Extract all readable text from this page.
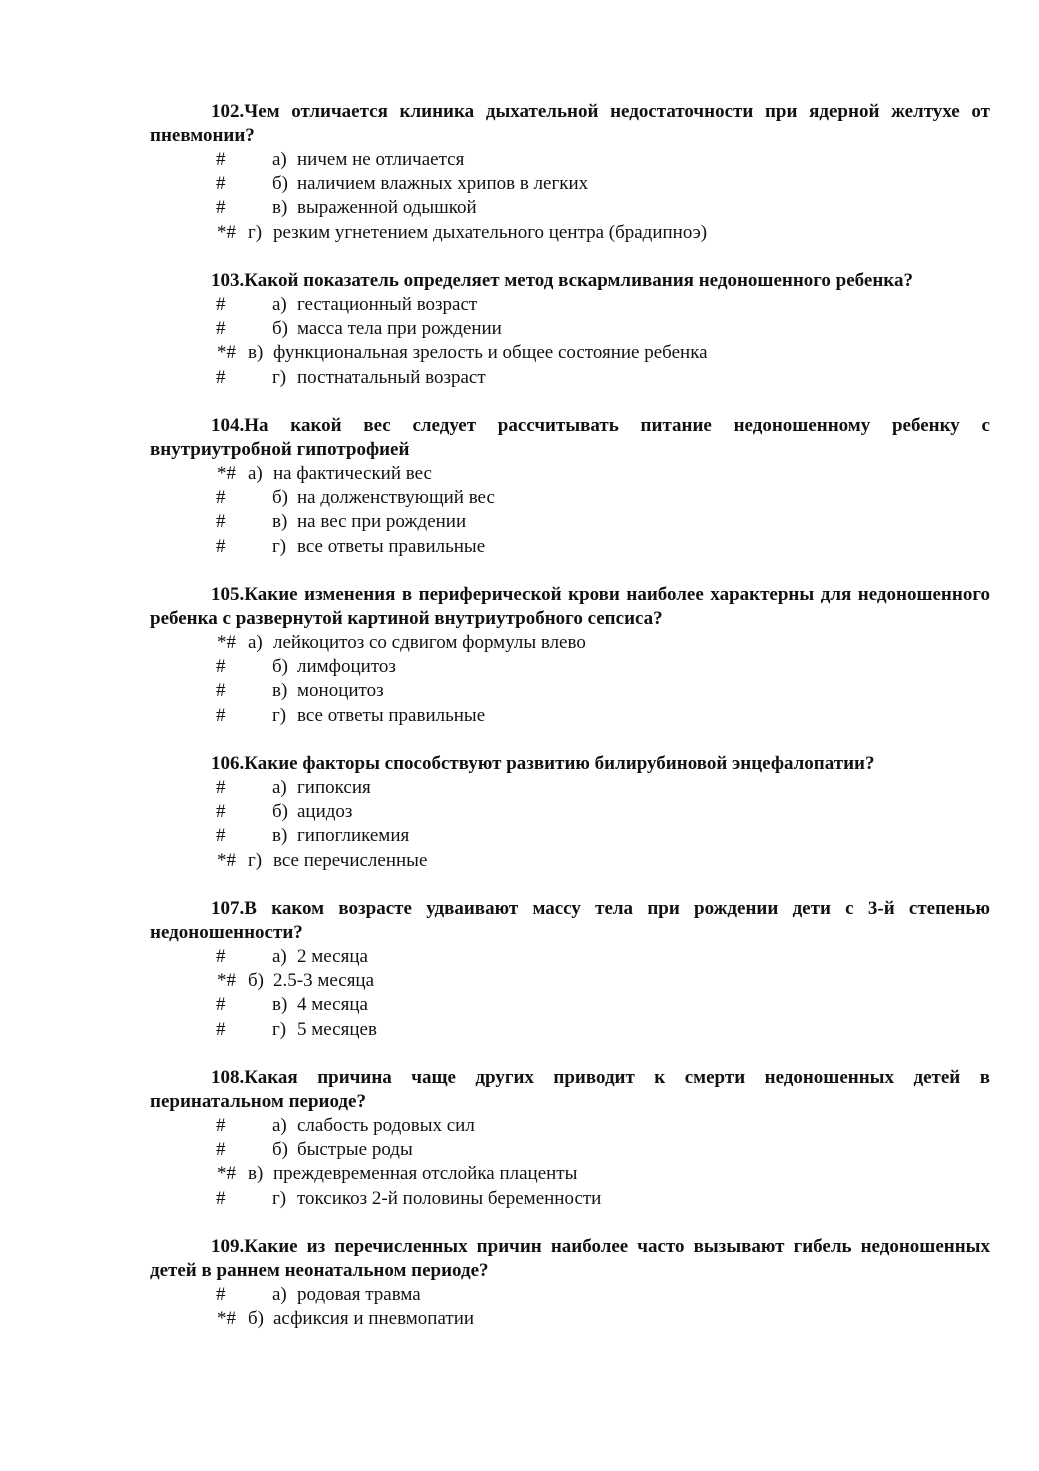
102.Чем отличается клиника дыхательной недостаточности при ядерной желтухе от пневмонии?

# а) ничем не отличается
# б) наличием влажных хрипов в легких
# в) выраженной одышкой
*# г) резким угнетением дыхательного центра (брадипноэ)

103.Какой показатель определяет метод вскармливания недоношенного ребенка?

# а) гестационный возраст
# б) масса тела при рождении
*# в) функциональная зрелость и общее состояние ребенка
# г) постнатальный возраст

104.На какой вес следует рассчитывать питание недоношенному ребенку с внутриутробной гипотрофией

*# а) на фактический вес
# б) на долженствующий вес
# в) на вес при рождении
# г) все ответы правильные

105.Какие изменения в периферической крови наиболее характерны для недоношенного ребенка с развернутой картиной внутриутробного сепсиса?

*# а) лейкоцитоз со сдвигом формулы влево
# б) лимфоцитоз
# в) моноцитоз
# г) все ответы правильные

106.Какие факторы способствуют развитию билирубиновой энцефалопатии?

# а) гипоксия
# б) ацидоз
# в) гипогликемия
*# г) все перечисленные

107.В каком возрасте удваивают массу тела при рождении дети с 3-й степенью недоношенности?

# а) 2 месяца
*# б) 2.5-3 месяца
# в) 4 месяца
# г) 5 месяцев

108.Какая причина чаще других приводит к смерти недоношенных детей в перинатальном периоде?

# а) слабость родовых сил
# б) быстрые роды
*# в) преждевременная отслойка плаценты
# г) токсикоз 2-й половины беременности

109.Какие из перечисленных причин наиболее часто вызывают гибель недоношенных детей в раннем неонатальном периоде?

# а) родовая травма
*# б) асфиксия и пневмопатии
